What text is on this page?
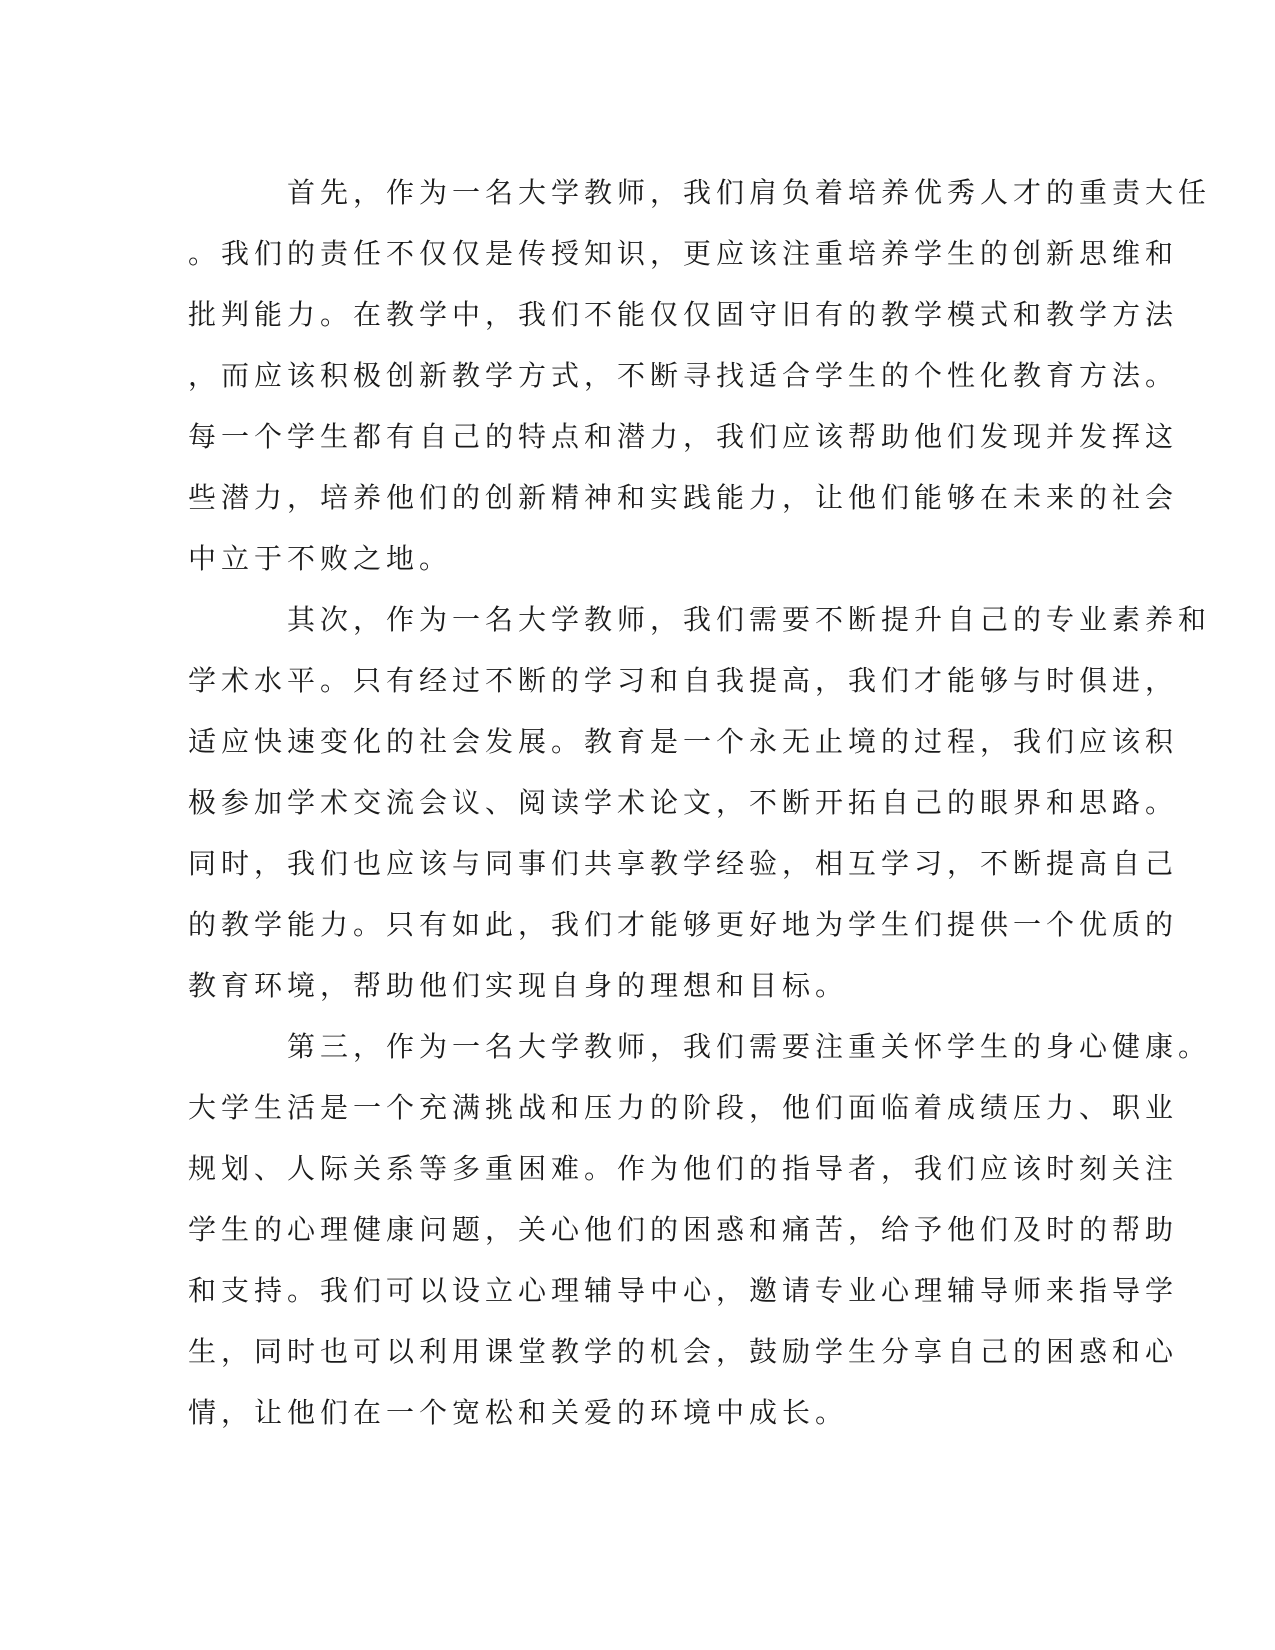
　　　首先，作为一名大学教师，我们肩负着培养优秀人才的重责大任
。我们的责任不仅仅是传授知识，更应该注重培养学生的创新思维和
批判能力。在教学中，我们不能仅仅固守旧有的教学模式和教学方法
，而应该积极创新教学方式，不断寻找适合学生的个性化教育方法。
每一个学生都有自己的特点和潜力，我们应该帮助他们发现并发挥这
些潜力，培养他们的创新精神和实践能力，让他们能够在未来的社会
中立于不败之地。
　　　其次，作为一名大学教师，我们需要不断提升自己的专业素养和
学术水平。只有经过不断的学习和自我提高，我们才能够与时俱进，
适应快速变化的社会发展。教育是一个永无止境的过程，我们应该积
极参加学术交流会议、阅读学术论文，不断开拓自己的眼界和思路。
同时，我们也应该与同事们共享教学经验，相互学习，不断提高自己
的教学能力。只有如此，我们才能够更好地为学生们提供一个优质的
教育环境，帮助他们实现自身的理想和目标。
　　　第三，作为一名大学教师，我们需要注重关怀学生的身心健康。
大学生活是一个充满挑战和压力的阶段，他们面临着成绩压力、职业
规划、人际关系等多重困难。作为他们的指导者，我们应该时刻关注
学生的心理健康问题，关心他们的困惑和痛苦，给予他们及时的帮助
和支持。我们可以设立心理辅导中心，邀请专业心理辅导师来指导学
生，同时也可以利用课堂教学的机会，鼓励学生分享自己的困惑和心
情，让他们在一个宽松和关爱的环境中成长。
